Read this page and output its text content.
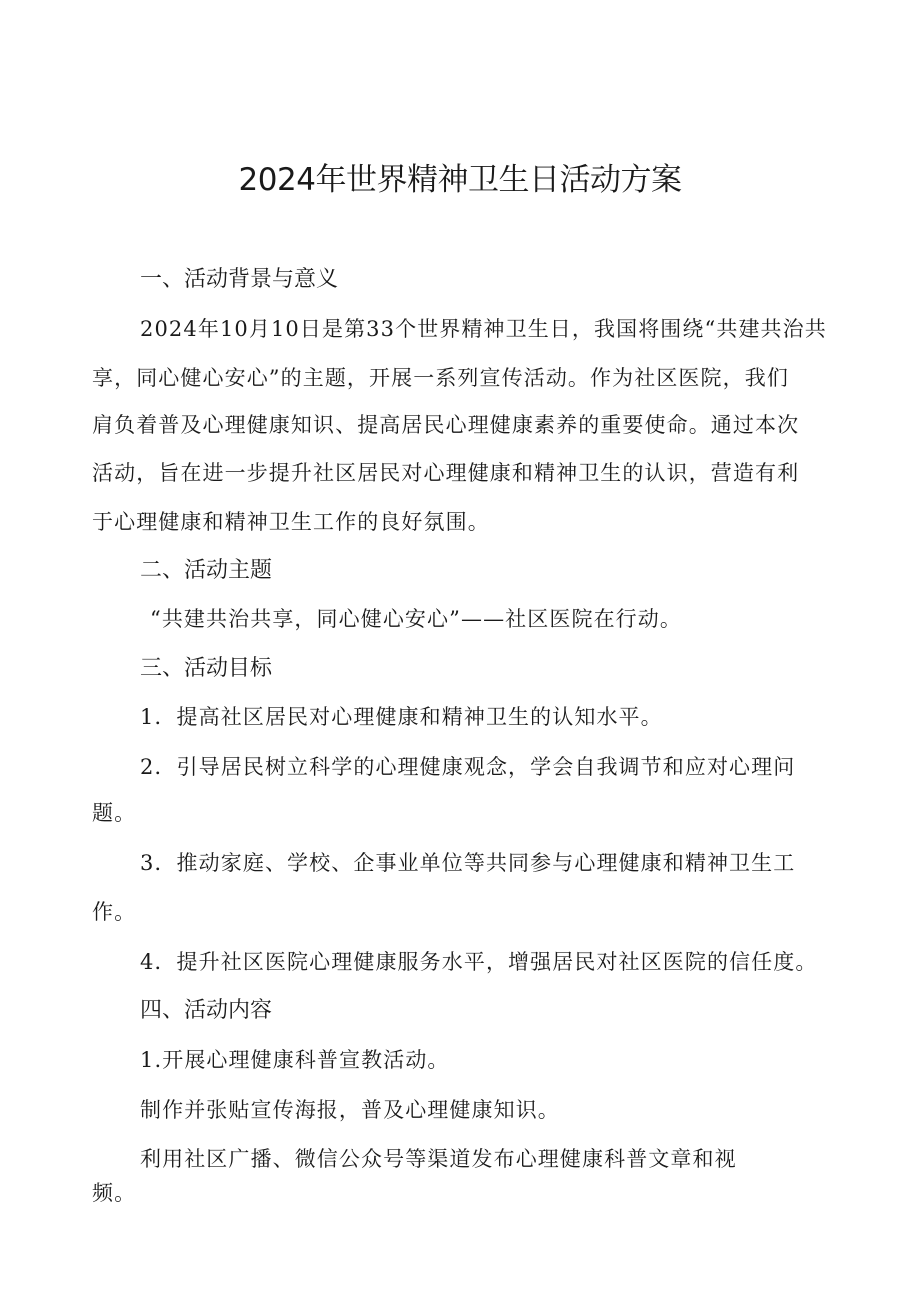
2024年世界精神卫生日活动方案
一、活动背景与意义
2024年10月10日是第33个世界精神卫生日，我国将围绕“共建共治共
享，同心健心安心”的主题，开展一系列宣传活动。作为社区医院，我们
肩负着普及心理健康知识、提高居民心理健康素养的重要使命。通过本次
活动，旨在进一步提升社区居民对心理健康和精神卫生的认识，营造有利
于心理健康和精神卫生工作的良好氛围。
二、活动主题
“共建共治共享，同心健心安心”——社区医院在行动。
三、活动目标
1．提高社区居民对心理健康和精神卫生的认知水平。
2．引导居民树立科学的心理健康观念，学会自我调节和应对心理问
题。
3．推动家庭、学校、企事业单位等共同参与心理健康和精神卫生工
作。
4．提升社区医院心理健康服务水平，增强居民对社区医院的信任度。
四、活动内容
1.开展心理健康科普宣教活动。
制作并张贴宣传海报，普及心理健康知识。
利用社区广播、微信公众号等渠道发布心理健康科普文章和视
频。
